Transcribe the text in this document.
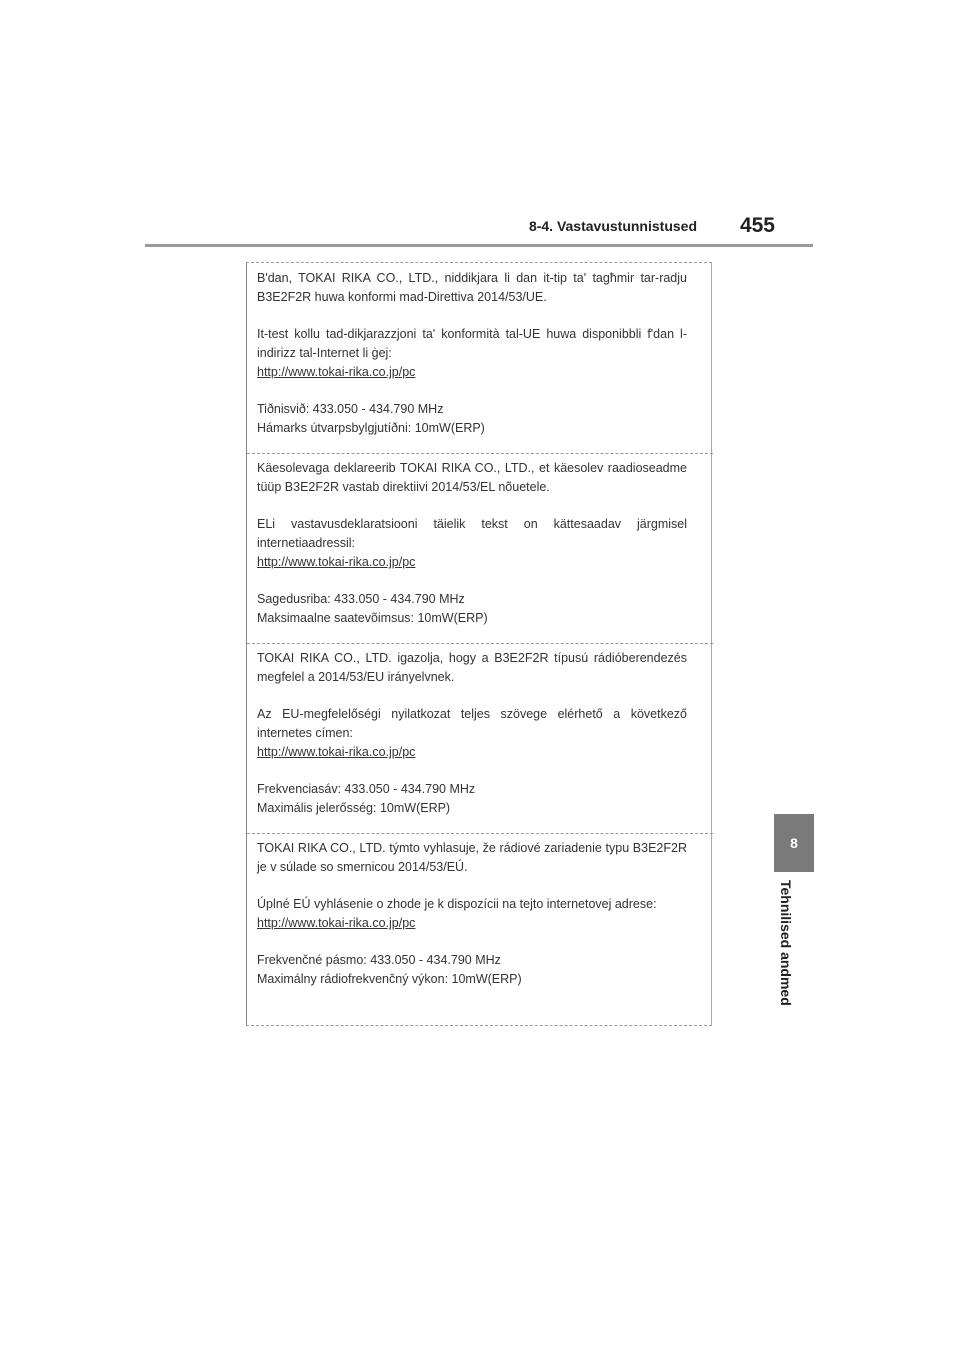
8-4. Vastavustunnistused 455
8
Tehnilised andmed

B'dan, TOKAI RIKA CO., LTD., niddikjara li dan it-tip ta' tagħmir tar-radju B3E2F2R huwa konformi mad-Direttiva 2014/53/UE.

It-test kollu tad-dikjarazzjoni ta' konformità tal-UE huwa disponibbli f'dan l-indirizz tal-Internet li ġej:
http://www.tokai-rika.co.jp/pc

Tiðnisvið: 433.050 - 434.790 MHz
Hámarks útvarpsbylgjutíðni: 10mW(ERP)

Käesolevaga deklareerib TOKAI RIKA CO., LTD., et käesolev raadioseadme tüüp B3E2F2R vastab direktiivi 2014/53/EL nõuetele.

ELi vastavusdeklaratsiooni täielik tekst on kättesaadav järgmisel internetiaadressil:
http://www.tokai-rika.co.jp/pc

Sagedusriba: 433.050 - 434.790 MHz
Maksimaalne saatevõimsus: 10mW(ERP)

TOKAI RIKA CO., LTD. igazolja, hogy a B3E2F2R típusú rádióberendezés megfelel a 2014/53/EU irányelvnek.

Az EU-megfelelőségi nyilatkozat teljes szövege elérhető a következő internetes címen:
http://www.tokai-rika.co.jp/pc

Frekvenciasáv: 433.050 - 434.790 MHz
Maximális jelerősség: 10mW(ERP)

TOKAI RIKA CO., LTD. týmto vyhlasuje, že rádiové zariadenie typu B3E2F2R je v súlade so smernicou 2014/53/EÚ.

Úplné EÚ vyhlásenie o zhode je k dispozícii na tejto internetovej adrese:
http://www.tokai-rika.co.jp/pc

Frekvenčné pásmo: 433.050 - 434.790 MHz
Maximálny rádiofrekvenčný výkon: 10mW(ERP)
